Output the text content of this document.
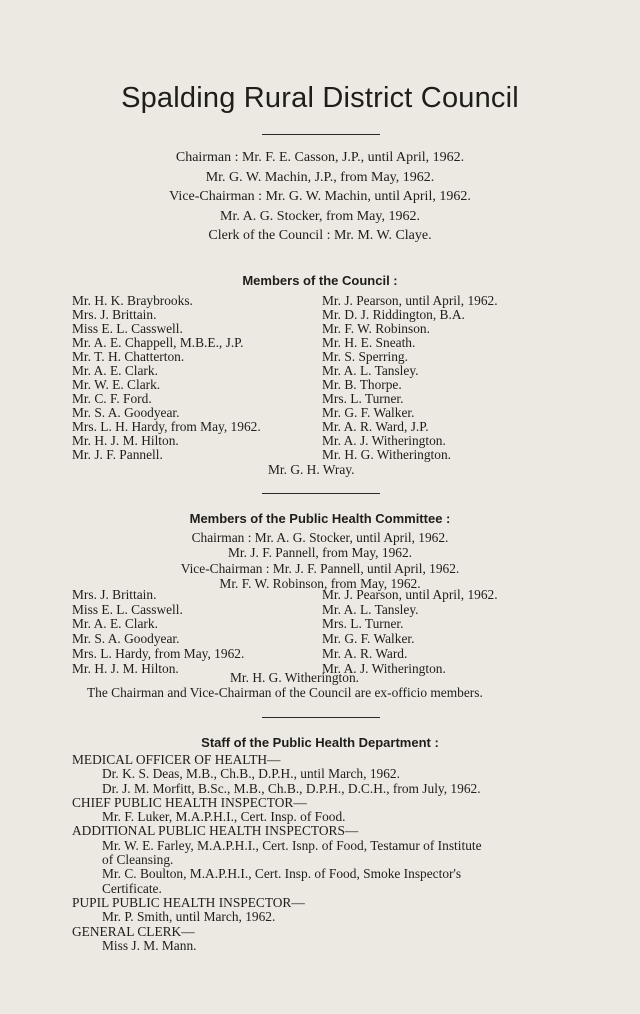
Spalding Rural District Council
Chairman : Mr. F. E. Casson, J.P., until April, 1962.
Mr. G. W. Machin, J.P., from May, 1962.
Vice-Chairman : Mr. G. W. Machin, until April, 1962.
Mr. A. G. Stocker, from May, 1962.
Clerk of the Council : Mr. M. W. Claye.
Members of the Council :
Mr. H. K. Braybrooks.
Mrs. J. Brittain.
Miss E. L. Casswell.
Mr. A. E. Chappell, M.B.E., J.P.
Mr. T. H. Chatterton.
Mr. A. E. Clark.
Mr. W. E. Clark.
Mr. C. F. Ford.
Mr. S. A. Goodyear.
Mrs. L. H. Hardy, from May, 1962.
Mr. H. J. M. Hilton.
Mr. J. F. Pannell.
Mr. J. Pearson, until April, 1962.
Mr. D. J. Riddington, B.A.
Mr. F. W. Robinson.
Mr. H. E. Sneath.
Mr. S. Sperring.
Mr. A. L. Tansley.
Mr. B. Thorpe.
Mrs. L. Turner.
Mr. G. F. Walker.
Mr. A. R. Ward, J.P.
Mr. A. J. Witherington.
Mr. H. G. Witherington.
Mr. G. H. Wray.
Members of the Public Health Committee :
Chairman : Mr. A. G. Stocker, until April, 1962.
Mr. J. F. Pannell, from May, 1962.
Vice-Chairman : Mr. J. F. Pannell, until April, 1962.
Mr. F. W. Robinson, from May, 1962.
Mrs. J. Brittain.
Miss E. L. Casswell.
Mr. A. E. Clark.
Mr. S. A. Goodyear.
Mrs. L. Hardy, from May, 1962.
Mr. H. J. M. Hilton.
Mr. J. Pearson, until April, 1962.
Mr. A. L. Tansley.
Mrs. L. Turner.
Mr. G. F. Walker.
Mr. A. R. Ward.
Mr. A. J. Witherington.
Mr. H. G. Witherington.
The Chairman and Vice-Chairman of the Council are ex-officio members.
Staff of the Public Health Department :
MEDICAL OFFICER OF HEALTH—
Dr. K. S. Deas, M.B., Ch.B., D.P.H., until March, 1962.
Dr. J. M. Morfitt, B.Sc., M.B., Ch.B., D.P.H., D.C.H., from July, 1962.
CHIEF PUBLIC HEALTH INSPECTOR—
Mr. F. Luker, M.A.P.H.I., Cert. Insp. of Food.
ADDITIONAL PUBLIC HEALTH INSPECTORS—
Mr. W. E. Farley, M.A.P.H.I., Cert. Isnp. of Food, Testamur of Institute
of Cleansing.
Mr. C. Boulton, M.A.P.H.I., Cert. Insp. of Food, Smoke Inspector's
Certificate.
PUPIL PUBLIC HEALTH INSPECTOR—
Mr. P. Smith, until March, 1962.
GENERAL CLERK—
Miss J. M. Mann.
